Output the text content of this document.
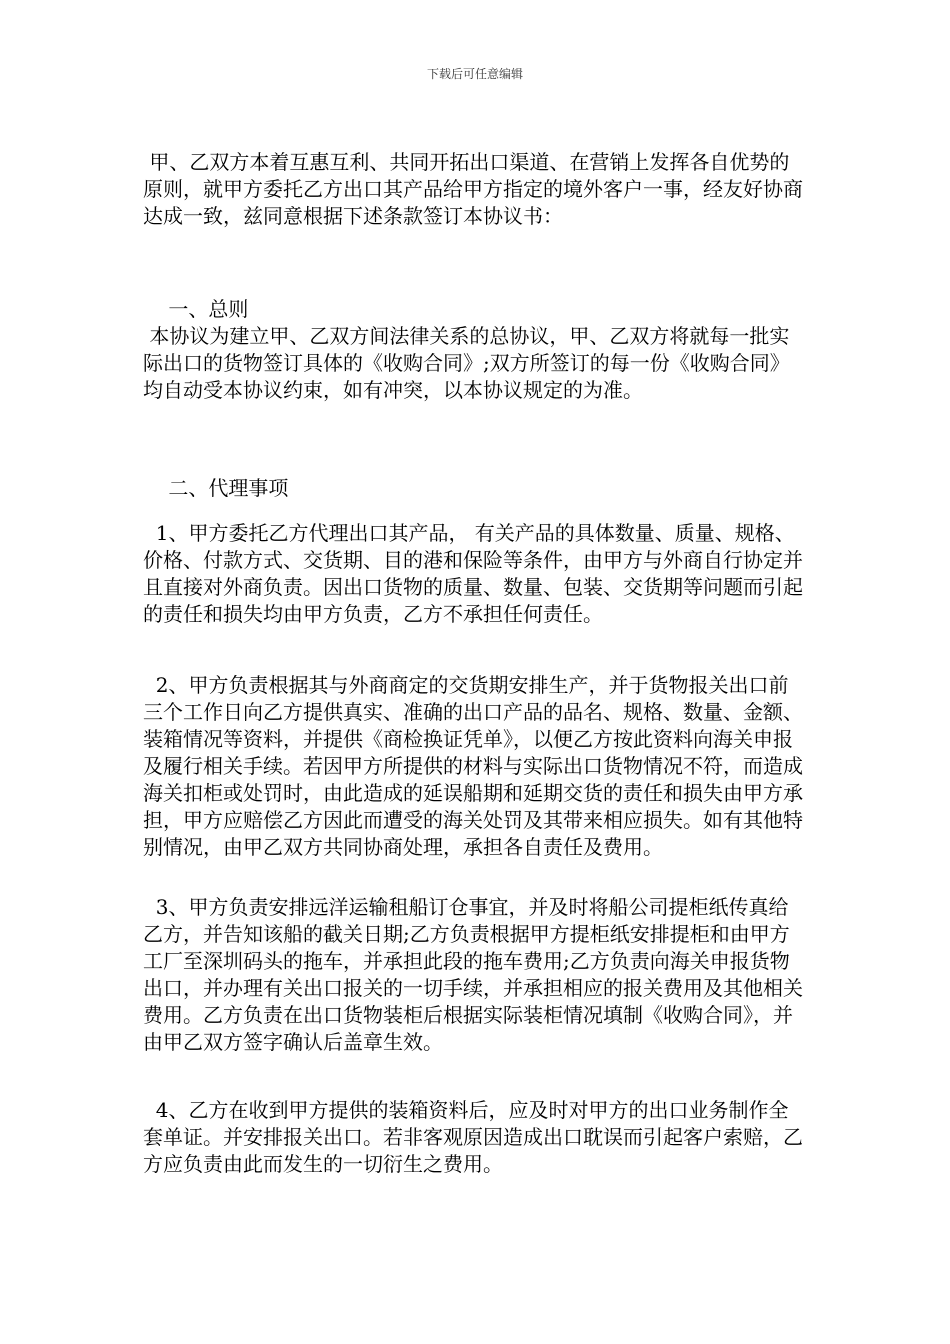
下载后可任意编辑

甲、乙双方本着互惠互利、共同开拓出口渠道、在营销上发挥各自优势的原则，就甲方委托乙方出口其产品给甲方指定的境外客户一事，经友好协商达成一致，兹同意根据下述条款签订本协议书：

一、总则

本协议为建立甲、乙双方间法律关系的总协议，甲、乙双方将就每一批实际出口的货物签订具体的《收购合同》;双方所签订的每一份《收购合同》均自动受本协议约束，如有冲突，以本协议规定的为准。

二、代理事项

1、甲方委托乙方代理出口其产品， 有关产品的具体数量、质量、规格、价格、付款方式、交货期、目的港和保险等条件，由甲方与外商自行协定并且直接对外商负责。因出口货物的质量、数量、包装、交货期等问题而引起的责任和损失均由甲方负责，乙方不承担任何责任。

2、甲方负责根据其与外商商定的交货期安排生产，并于货物报关出口前三个工作日向乙方提供真实、准确的出口产品的品名、规格、数量、金额、装箱情况等资料，并提供《商检换证凭单》，以便乙方按此资料向海关申报及履行相关手续。若因甲方所提供的材料与实际出口货物情况不符，而造成海关扣柜或处罚时，由此造成的延误船期和延期交货的责任和损失由甲方承担，甲方应赔偿乙方因此而遭受的海关处罚及其带来相应损失。如有其他特别情况，由甲乙双方共同协商处理，承担各自责任及费用。

3、甲方负责安排远洋运输租船订仓事宜，并及时将船公司提柜纸传真给乙方，并告知该船的截关日期;乙方负责根据甲方提柜纸安排提柜和由甲方工厂至深圳码头的拖车，并承担此段的拖车费用;乙方负责向海关申报货物出口，并办理有关出口报关的一切手续，并承担相应的报关费用及其他相关费用。乙方负责在出口货物装柜后根据实际装柜情况填制《收购合同》，并由甲乙双方签字确认后盖章生效。

4、乙方在收到甲方提供的装箱资料后，应及时对甲方的出口业务制作全套单证。并安排报关出口。若非客观原因造成出口耽误而引起客户索赔，乙方应负责由此而发生的一切衍生之费用。
